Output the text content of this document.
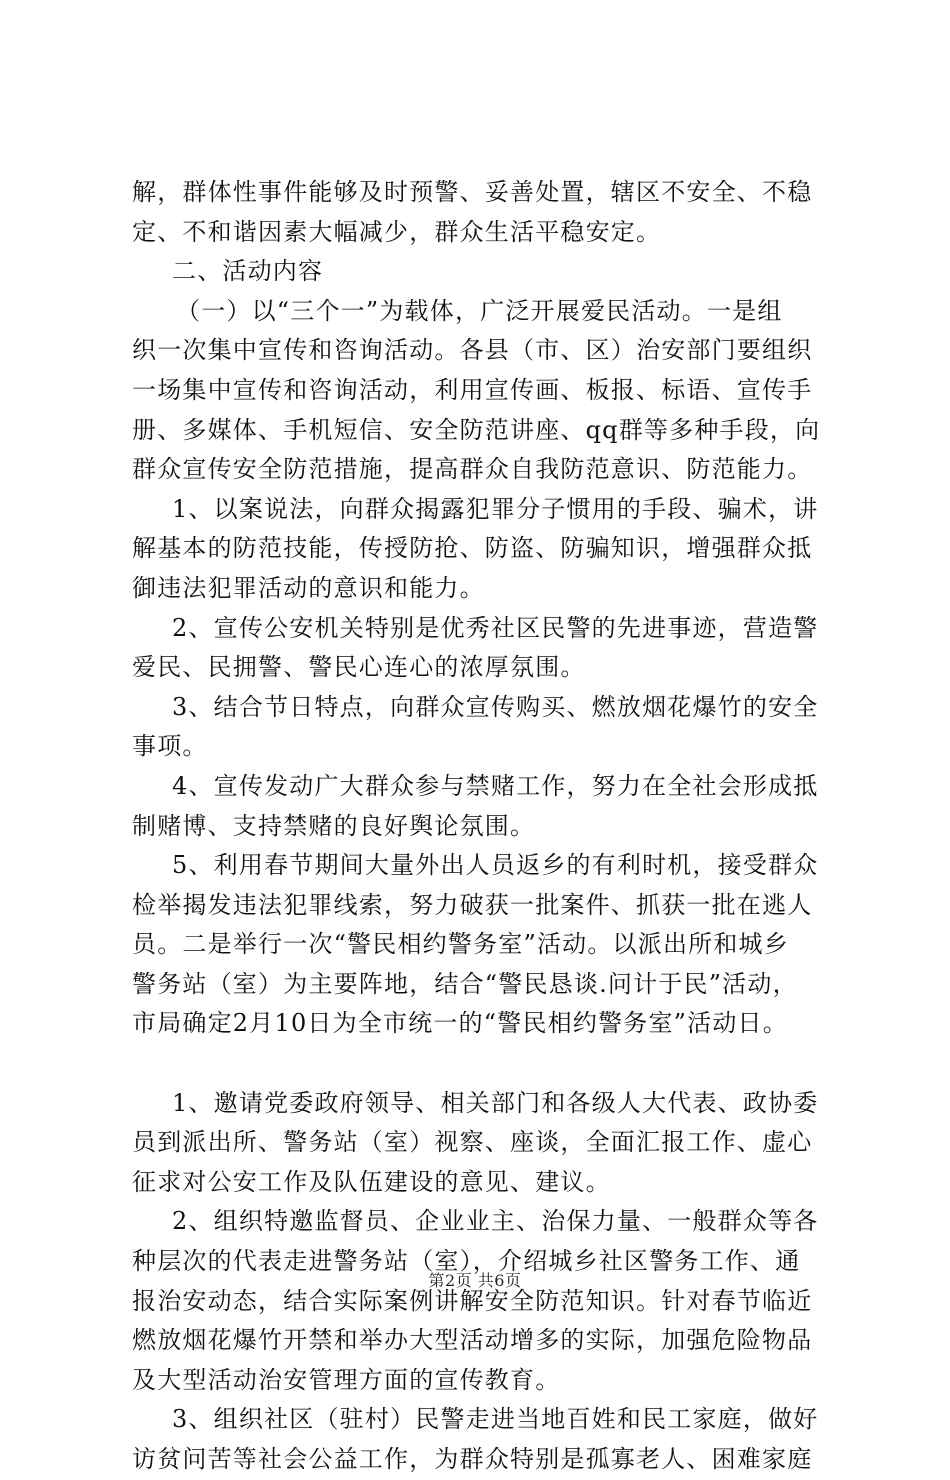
解，群体性事件能够及时预警、妥善处置，辖区不安全、不稳
定、不和谐因素大幅减少，群众生活平稳安定。
二、活动内容
（一）以“三个一”为载体，广泛开展爱民活动。一是组
织一次集中宣传和咨询活动。各县（市、区）治安部门要组织
一场集中宣传和咨询活动，利用宣传画、板报、标语、宣传手
册、多媒体、手机短信、安全防范讲座、qq群等多种手段，向
群众宣传安全防范措施，提高群众自我防范意识、防范能力。
1、以案说法，向群众揭露犯罪分子惯用的手段、骗术，讲
解基本的防范技能，传授防抢、防盗、防骗知识，增强群众抵
御违法犯罪活动的意识和能力。
2、宣传公安机关特别是优秀社区民警的先进事迹，营造警
爱民、民拥警、警民心连心的浓厚氛围。
3、结合节日特点，向群众宣传购买、燃放烟花爆竹的安全
事项。
4、宣传发动广大群众参与禁赌工作，努力在全社会形成抵
制赌博、支持禁赌的良好舆论氛围。
5、利用春节期间大量外出人员返乡的有利时机，接受群众
检举揭发违法犯罪线索，努力破获一批案件、抓获一批在逃人
员。二是举行一次“警民相约警务室”活动。以派出所和城乡
警务站（室）为主要阵地，结合“警民恳谈.问计于民”活动，
市局确定2月10日为全市统一的“警民相约警务室”活动日。
1、邀请党委政府领导、相关部门和各级人大代表、政协委
员到派出所、警务站（室）视察、座谈，全面汇报工作、虚心
征求对公安工作及队伍建设的意见、建议。
2、组织特邀监督员、企业业主、治保力量、一般群众等各
种层次的代表走进警务站（室），介绍城乡社区警务工作、通
报治安动态，结合实际案例讲解安全防范知识。针对春节临近
燃放烟花爆竹开禁和举办大型活动增多的实际，加强危险物品
及大型活动治安管理方面的宣传教育。
3、组织社区（驻村）民警走进当地百姓和民工家庭，做好
访贫问苦等社会公益工作，为群众特别是孤寡老人、困难家庭
第2页 共6页
